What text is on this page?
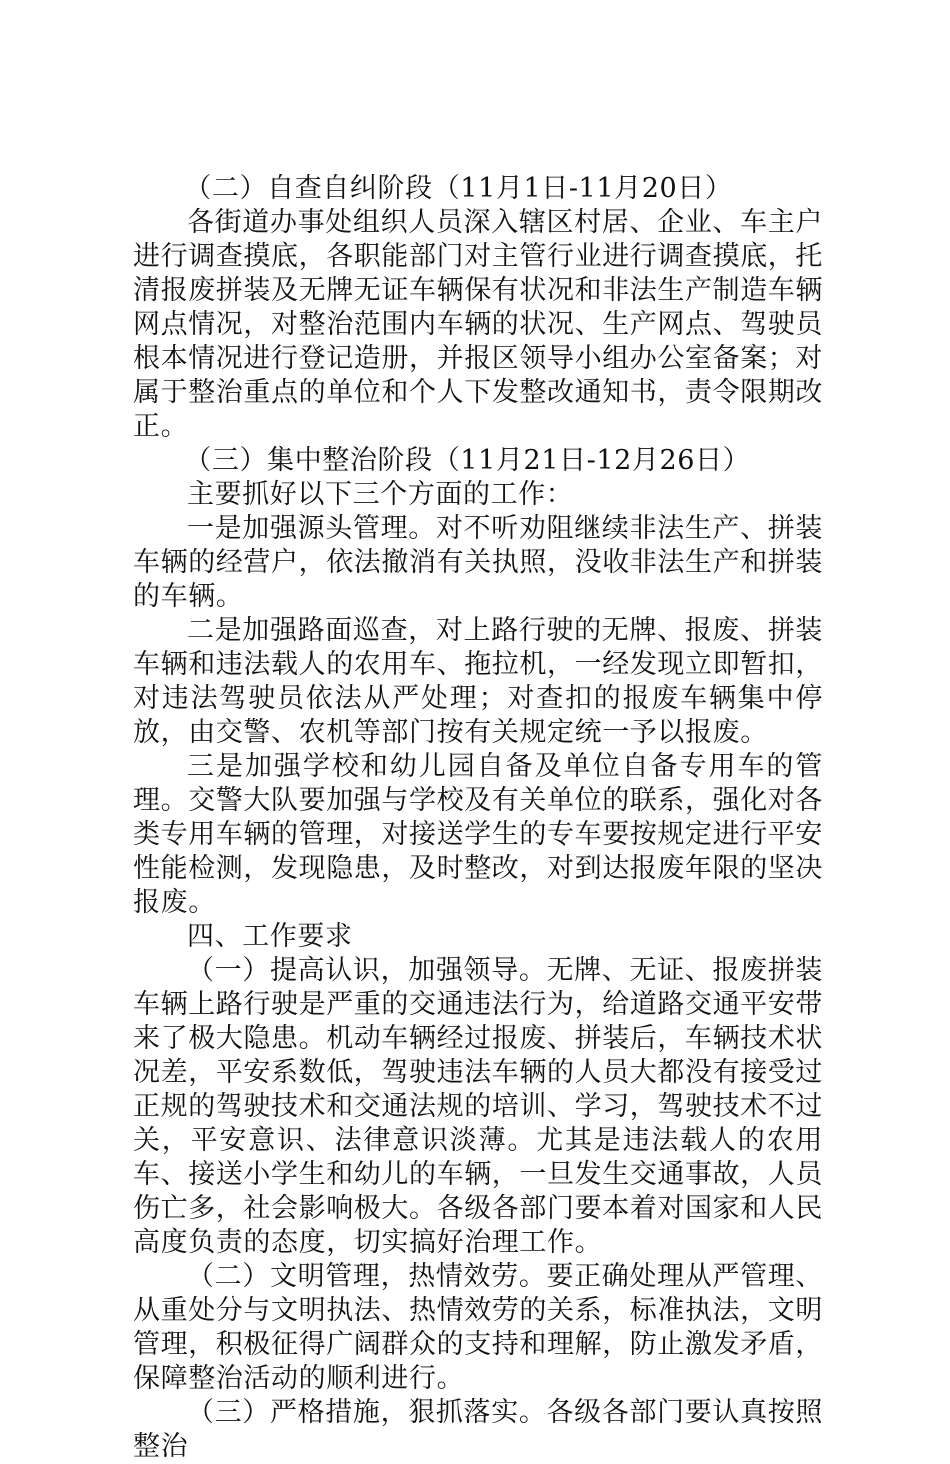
（二）自查自纠阶段（11月1日-11月20日）

各街道办事处组织人员深入辖区村居、企业、车主户进行调查摸底，各职能部门对主管行业进行调查摸底，托清报废拼装及无牌无证车辆保有状况和非法生产制造车辆网点情况，对整治范围内车辆的状况、生产网点、驾驶员根本情况进行登记造册，并报区领导小组办公室备案；对属于整治重点的单位和个人下发整改通知书，责令限期改正。

（三）集中整治阶段（11月21日-12月26日）

主要抓好以下三个方面的工作：

一是加强源头管理。对不听劝阻继续非法生产、拼装车辆的经营户，依法撤消有关执照，没收非法生产和拼装的车辆。

二是加强路面巡查，对上路行驶的无牌、报废、拼装车辆和违法载人的农用车、拖拉机，一经发现立即暂扣，对违法驾驶员依法从严处理；对查扣的报废车辆集中停放，由交警、农机等部门按有关规定统一予以报废。

三是加强学校和幼儿园自备及单位自备专用车的管理。交警大队要加强与学校及有关单位的联系，强化对各类专用车辆的管理，对接送学生的专车要按规定进行平安性能检测，发现隐患，及时整改，对到达报废年限的坚决报废。

四、工作要求

（一）提高认识，加强领导。无牌、无证、报废拼装车辆上路行驶是严重的交通违法行为，给道路交通平安带来了极大隐患。机动车辆经过报废、拼装后，车辆技术状况差，平安系数低，驾驶违法车辆的人员大都没有接受过正规的驾驶技术和交通法规的培训、学习，驾驶技术不过关，平安意识、法律意识淡薄。尤其是违法载人的农用车、接送小学生和幼儿的车辆，一旦发生交通事故，人员伤亡多，社会影响极大。各级各部门要本着对国家和人民高度负责的态度，切实搞好治理工作。

（二）文明管理，热情效劳。要正确处理从严管理、从重处分与文明执法、热情效劳的关系，标准执法，文明管理，积极征得广阔群众的支持和理解，防止激发矛盾，保障整治活动的顺利进行。

（三）严格措施，狠抓落实。各级各部门要认真按照整治
